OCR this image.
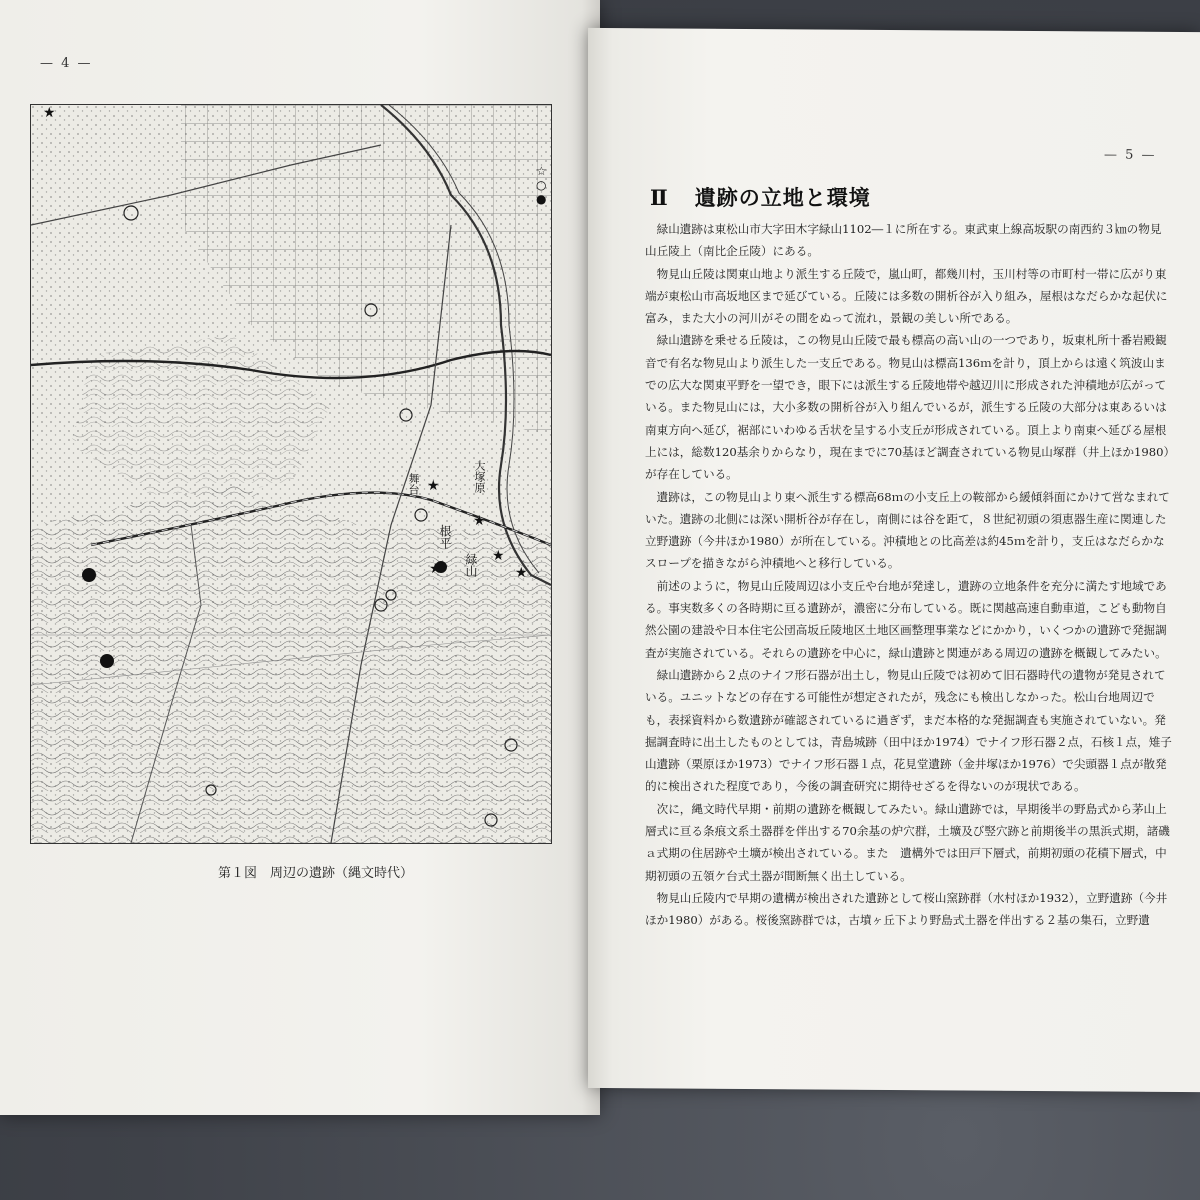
— 4 —
★
★
★
★
★
★
☆
○
●
根平
緑山
大塚原
舞台
第１図　周辺の遺跡（縄文時代）
— 5 —
Ⅱ 遺跡の立地と環境

緑山遺跡は東松山市大字田木字緑山1102―１に所在する。東武東上線高坂駅の南西約３㎞の物見山丘陵上（南比企丘陵）にある。

物見山丘陵は関東山地より派生する丘陵で，嵐山町，都幾川村，玉川村等の市町村一帯に広がり東端が東松山市高坂地区まで延びている。丘陵には多数の開析谷が入り組み，屋根はなだらかな起伏に富み，また大小の河川がその間をぬって流れ，景観の美しい所である。

緑山遺跡を乗せる丘陵は，この物見山丘陵で最も標高の高い山の一つであり，坂東札所十番岩殿観音で有名な物見山より派生した一支丘である。物見山は標高136ｍを計り，頂上からは遠く筑波山までの広大な関東平野を一望でき，眼下には派生する丘陵地帯や越辺川に形成された沖積地が広がっている。また物見山には，大小多数の開析谷が入り組んでいるが，派生する丘陵の大部分は東あるいは南東方向へ延び，裾部にいわゆる舌状を呈する小支丘が形成されている。頂上より南東へ延びる屋根上には，総数120基余りからなり，現在までに70基ほど調査されている物見山塚群（井上ほか1980）が存在している。

遺跡は，この物見山より東へ派生する標高68ｍの小支丘上の鞍部から緩傾斜面にかけて営なまれていた。遺跡の北側には深い開析谷が存在し，南側には谷を距て，８世紀初頭の須恵器生産に関連した立野遺跡（今井ほか1980）が所在している。沖積地との比高差は約45ｍを計り，支丘はなだらかなスロープを描きながら沖積地へと移行している。

前述のように，物見山丘陵周辺は小支丘や台地が発達し，遺跡の立地条件を充分に満たす地域である。事実数多くの各時期に亘る遺跡が，濃密に分布している。既に関越高速自動車道，こども動物自然公園の建設や日本住宅公団高坂丘陵地区土地区画整理事業などにかかり，いくつかの遺跡で発掘調査が実施されている。それらの遺跡を中心に，緑山遺跡と関連がある周辺の遺跡を概観してみたい。

緑山遺跡から２点のナイフ形石器が出土し，物見山丘陵では初めて旧石器時代の遺物が発見されている。ユニットなどの存在する可能性が想定されたが，残念にも検出しなかった。松山台地周辺でも，表採資料から数遺跡が確認されているに過ぎず，まだ本格的な発掘調査も実施されていない。発掘調査時に出土したものとしては，青島城跡（田中ほか1974）でナイフ形石器２点，石核１点，雉子山遺跡（栗原ほか1973）でナイフ形石器１点，花見堂遺跡（金井塚ほか1976）で尖頭器１点が散発的に検出された程度であり，今後の調査研究に期待せざるを得ないのが現状である。

次に，縄文時代早期・前期の遺跡を概観してみたい。緑山遺跡では，早期後半の野島式から茅山上層式に亘る条痕文系土器群を伴出する70余基の炉穴群，土壙及び竪穴跡と前期後半の黒浜式期，諸磯ａ式期の住居跡や土壙が検出されている。また　遺構外では田戸下層式，前期初頭の花積下層式，中期初頭の五領ケ台式土器が間断無く出土している。

物見山丘陵内で早期の遺構が検出された遺跡として桜山窯跡群（水村ほか1932），立野遺跡（今井ほか1980）がある。桜後窯跡群では，古墳ヶ丘下より野島式土器を伴出する２基の集石，立野遺
